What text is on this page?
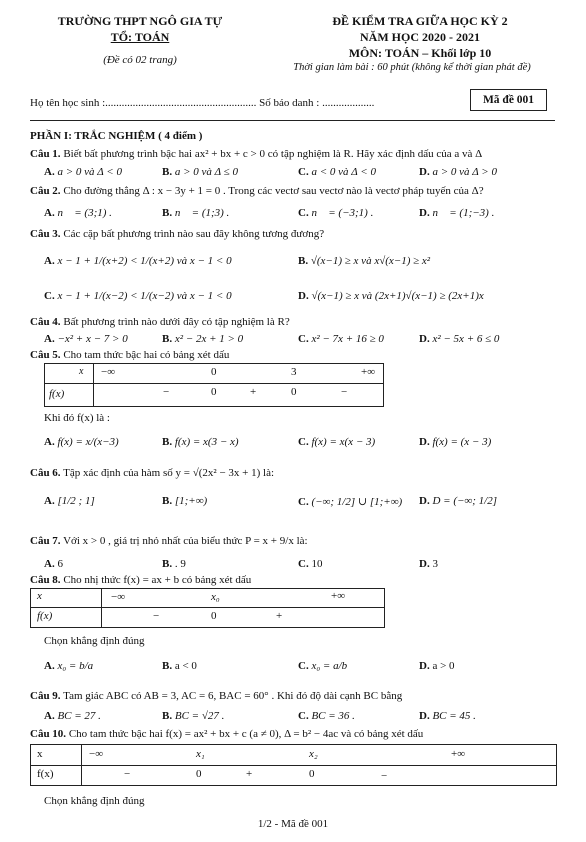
TRƯỜNG THPT NGÔ GIA TỰ
TỔ: TOÁN
(Đề có 02 trang)
ĐỀ KIỂM TRA GIỮA HỌC KỲ 2
NĂM HỌC 2020 - 2021
MÔN: TOÁN – Khối lớp 10
Thời gian làm bài : 60 phút (không kể thời gian phát đề)
Họ tên học sinh :....................................................... Số báo danh : ...................	Mã đề 001
PHẦN I: TRẮC NGHIỆM ( 4 điểm )
Câu 1. Biết bất phương trình bậc hai ax² + bx + c > 0 có tập nghiệm là R. Hãy xác định dấu của a và Δ
A. a > 0 và Δ < 0	B. a > 0 và Δ ≤ 0	C. a < 0 và Δ < 0	D. a > 0 và Δ > 0
Câu 2. Cho đường thẳng Δ : x − 3y + 1 = 0 . Trong các vectơ sau vectơ nào là vectơ pháp tuyến của Δ?
A. n⃗ = (3;1) .	B. n⃗ = (1;3) .	C. n⃗ = (−3;1) .	D. n⃗ = (1;−3) .
Câu 3. Các cặp bất phương trình nào sau đây không tương đương?
A. x − 1 + 1/(x+2) < 1/(x+2) và x − 1 < 0	B. √(x−1) ≥ x và x√(x−1) ≥ x²
C. x − 1 + 1/(x−2) < 1/(x−2) và x − 1 < 0	D. √(x−1) ≥ x và (2x+1)√(x−1) ≥ (2x+1)x
Câu 4. Bất phương trình nào dưới đây có tập nghiệm là R?
A. −x² + x − 7 > 0	B. x² − 2x + 1 > 0	C. x² − 7x + 16 ≥ 0	D. x² − 5x + 6 ≤ 0
Câu 5. Cho tam thức bậc hai có bảng xét dấu
x −∞	0	3	+∞
f(x)	−	0	+	0	−
Khi đó f(x) là :
A. f(x) = x/(x−3)	B. f(x) = x(3 − x)	C. f(x) = x(x − 3)	D. f(x) = (x − 3)
Câu 6. Tập xác định của hàm số y = √(2x² − 3x + 1) là:
A. [1/2 ; 1]	B. [1;+∞)	C. (−∞; 1/2] ∪ [1;+∞) D. D = (−∞; 1/2]
Câu 7. Với x > 0 , giá trị nhỏ nhất của biểu thức P = x + 9/x là:
A. 6	B. . 9	C. 10	D. 3
Câu 8. Cho nhị thức f(x) = ax + b có bảng xét dấu
x	−∞	x₀	+∞
f(x)	−	0	+
Chọn khẳng định đúng
A. x₀ = b/a	B. a < 0	C. x₀ = a/b	D. a > 0
Câu 9. Tam giác ABC có AB = 3, AC = 6, BAC = 60° . Khi đó độ dài cạnh BC bằng
A. BC = 27 .	B. BC = √27 .	C. BC = 36 .	D. BC = 45 .
Câu 10. Cho tam thức bậc hai f(x) = ax² + bx + c (a ≠ 0), Δ = b² − 4ac và có bảng xét dấu
x	−∞	x₁	x₂	+∞
f(x)	−	0	+	0	−
Chọn khẳng định đúng
1/2 - Mã đề 001
